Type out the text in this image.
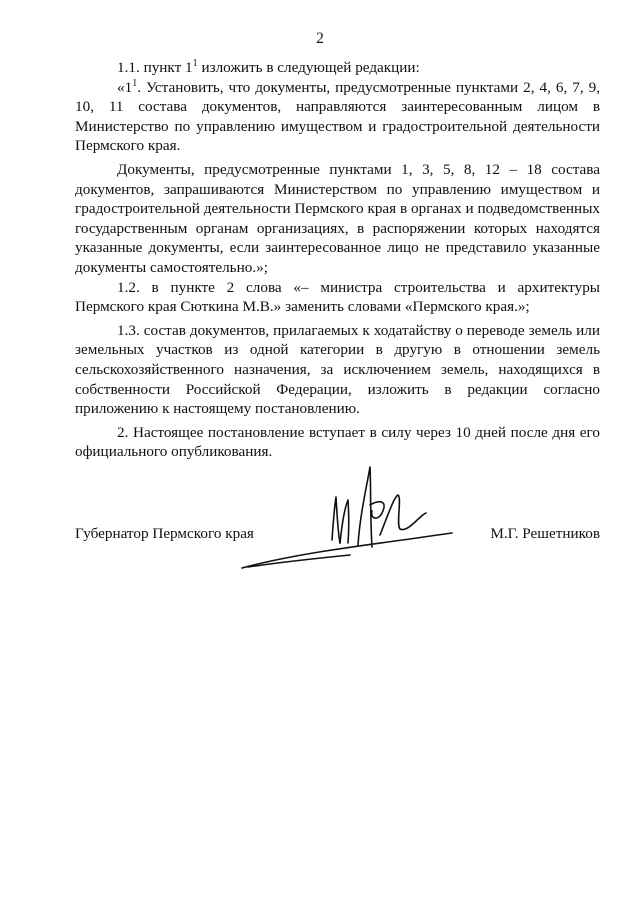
2

1.1. пункт $1^1$ изложить в следующей редакции:

«$1^1$. Установить, что документы, предусмотренные пунктами 2, 4, 6, 7, 9, 10, 11 состава документов, направляются заинтересованным лицом в Министерство по управлению имуществом и градостроительной деятельности Пермского края.

Документы, предусмотренные пунктами 1, 3, 5, 8, 12 – 18 состава документов, запрашиваются Министерством по управлению имуществом и градостроительной деятельности Пермского края в органах и подведомственных государственным органам организациях, в распоряжении которых находятся указанные документы, если заинтересованное лицо не представило указанные документы самостоятельно.»;

1.2. в пункте 2 слова «– министра строительства и архитектуры Пермского края Сюткина М.В.» заменить словами «Пермского края.»;

1.3. состав документов, прилагаемых к ходатайству о переводе земель или земельных участков из одной категории в другую в отношении земель сельскохозяйственного назначения, за исключением земель, находящихся в собственности Российской Федерации, изложить в редакции согласно приложению к настоящему постановлению.

2. Настоящее постановление вступает в силу через 10 дней после дня его официального опубликования.

Губернатор Пермского края	М.Г. Решетников
